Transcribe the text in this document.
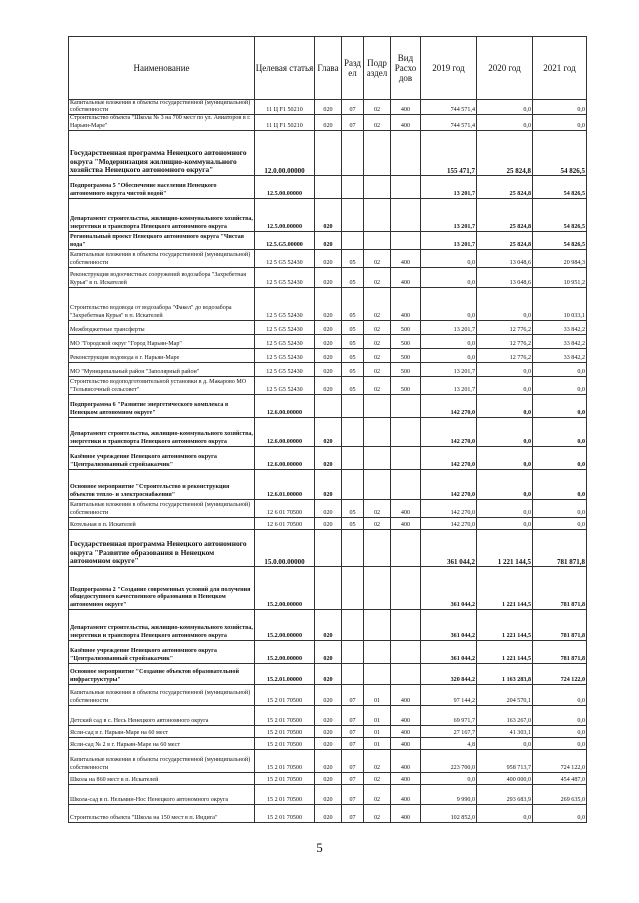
Наименование	Целевая статья	Глава	Разд ел	Подр аздел	Вид Расхо дов	2019 год	2020 год	2021 год
Капитальные вложения в объекты государственной (муниципальной) собственности	11 Ц F1 50210	020	07	02	400	744 571,4	0,0	0,0
Строительство объекта "Школа № 3 на 700 мест по ул. Авиаторов в г. Нарьян-Маре"	11 Ц F1 50210	020	07	02	400	744 571,4	0,0	0,0
Государственная программа Ненецкого автономного округа "Модернизация жилищно-коммунального хозяйства Ненецкого автономного округа"	12.0.00.00000					155 471,7	25 824,8	54 826,5
Подпрограмма 5 "Обеспечение населения Ненецкого автономного округа чистой водой"	12.5.00.00000					13 201,7	25 824,8	54 826,5
Департамент строительства, жилищно-коммунального хозяйства, энергетики и транспорта Ненецкого автономного округа	12.5.00.00000	020				13 201,7	25 824,8	54 826,5
Региональный проект Ненецкого автономного округа "Чистая вода"	12.5.G5.00000	020				13 201,7	25 824,8	54 826,5
Капитальные вложения в объекты государственной (муниципальной) собственности	12 5 G5 52430	020	05	02	400	0,0	13 048,6	20 984,3
Реконструкция водоочистных сооружений водозабора "Захребетная Курья" в п. Искателей	12 5 G5 52430	020	05	02	400	0,0	13 048,6	10 951,2
Строительство водовода от водозабора "Факел" до водозабора "Захребетная Курья" в п. Искателей	12 5 G5 52430	020	05	02	400	0,0	0,0	10 033,1
Межбюджетные трансферты	12 5 G5 52430	020	05	02	500	13 201,7	12 776,2	33 842,2
МО "Городской округ "Город Нарьян-Мар"	12 5 G5 52430	020	05	02	500	0,0	12 776,2	33 842,2
Реконструкция водовода в г. Нарьян-Маре	12 5 G5 52430	020	05	02	500	0,0	12 776,2	33 842,2
МО "Муниципальный район "Заполярный район"	12 5 G5 52430	020	05	02	500	13 201,7	0,0	0,0
Строительство водоподготовительной установки в д. Макарово МО "Тельвисочный сельсовет"	12 5 G5 52430	020	05	02	500	13 201,7	0,0	0,0
Подпрограмма 6 "Развитие энергетического комплекса в Ненецком автономном округе"	12.6.00.00000					142 270,0	0,0	0,0
Департамент строительства, жилищно-коммунального хозяйства, энергетики и транспорта Ненецкого автономного округа	12.6.00.00000	020				142 270,0	0,0	0,0
Казённое учреждение Ненецкого автономного округа "Централизованный стройзаказчик"	12.6.00.00000	020				142 270,0	0,0	0,0
Основное мероприятие "Строительство и реконструкция объектов тепло- и электроснабжения"	12.6.01.00000	020				142 270,0	0,0	0,0
Капитальные вложения в объекты государственной (муниципальной) собственности	12 6 01 70500	020	05	02	400	142 270,0	0,0	0,0
Котельная в п. Искателей	12 6 01 70500	020	05	02	400	142 270,0	0,0	0,0
Государственная программа Ненецкого автономного округа "Развитие образования в Ненецком автономном округе"	15.0.00.00000					361 044,2	1 221 144,5	781 871,8
Подпрограмма 2 "Создание современных условий для получения общедоступного качественного образования в Ненецком автономном округе"	15.2.00.00000					361 044,2	1 221 144,5	781 871,8
Департамент строительства, жилищно-коммунального хозяйства, энергетики и транспорта Ненецкого автономного округа	15.2.00.00000	020				361 044,2	1 221 144,5	781 871,8
Казённое учреждение Ненецкого автономного округа "Централизованный стройзаказчик"	15.2.00.00000	020				361 044,2	1 221 144,5	781 871,8
Основное мероприятие "Создание объектов образовательной инфраструктуры"	15.2.01.00000	020				320 844,2	1 163 283,8	724 122,0
Капитальные вложения в объекты государственной (муниципальной) собственности	15 2 01 70500	020	07	01	400	97 144,2	204 570,1	0,0
Детский сад в с. Несь Ненецкого автономного округа	15 2 01 70500	020	07	01	400	69 971,7	163 267,0	0,0
Ясли-сад в г. Нарьян-Маре на 60 мест	15 2 01 70500	020	07	01	400	27 167,7	41 303,1	0,0
Ясли-сад № 2 в г. Нарьян-Маре на 60 мест	15 2 01 70500	020	07	01	400	4,8	0,0	0,0
Капитальные вложения в объекты государственной (муниципальной) собственности	15 2 01 70500	020	07	02	400	223 700,0	958 713,7	724 122,0
Школа на 860 мест в п. Искателей	15 2 01 70500	020	07	02	400	0,0	400 000,0	454 487,0
Школа-сад в п. Нельмин-Нос Ненецкого автономного округа	15 2 01 70500	020	07	02	400	9 990,0	293 683,9	269 635,0
Строительство объекта "Школа на 150 мест в п. Индига"	15 2 01 70500	020	07	02	400	102 852,0	0,0	0,0
5
